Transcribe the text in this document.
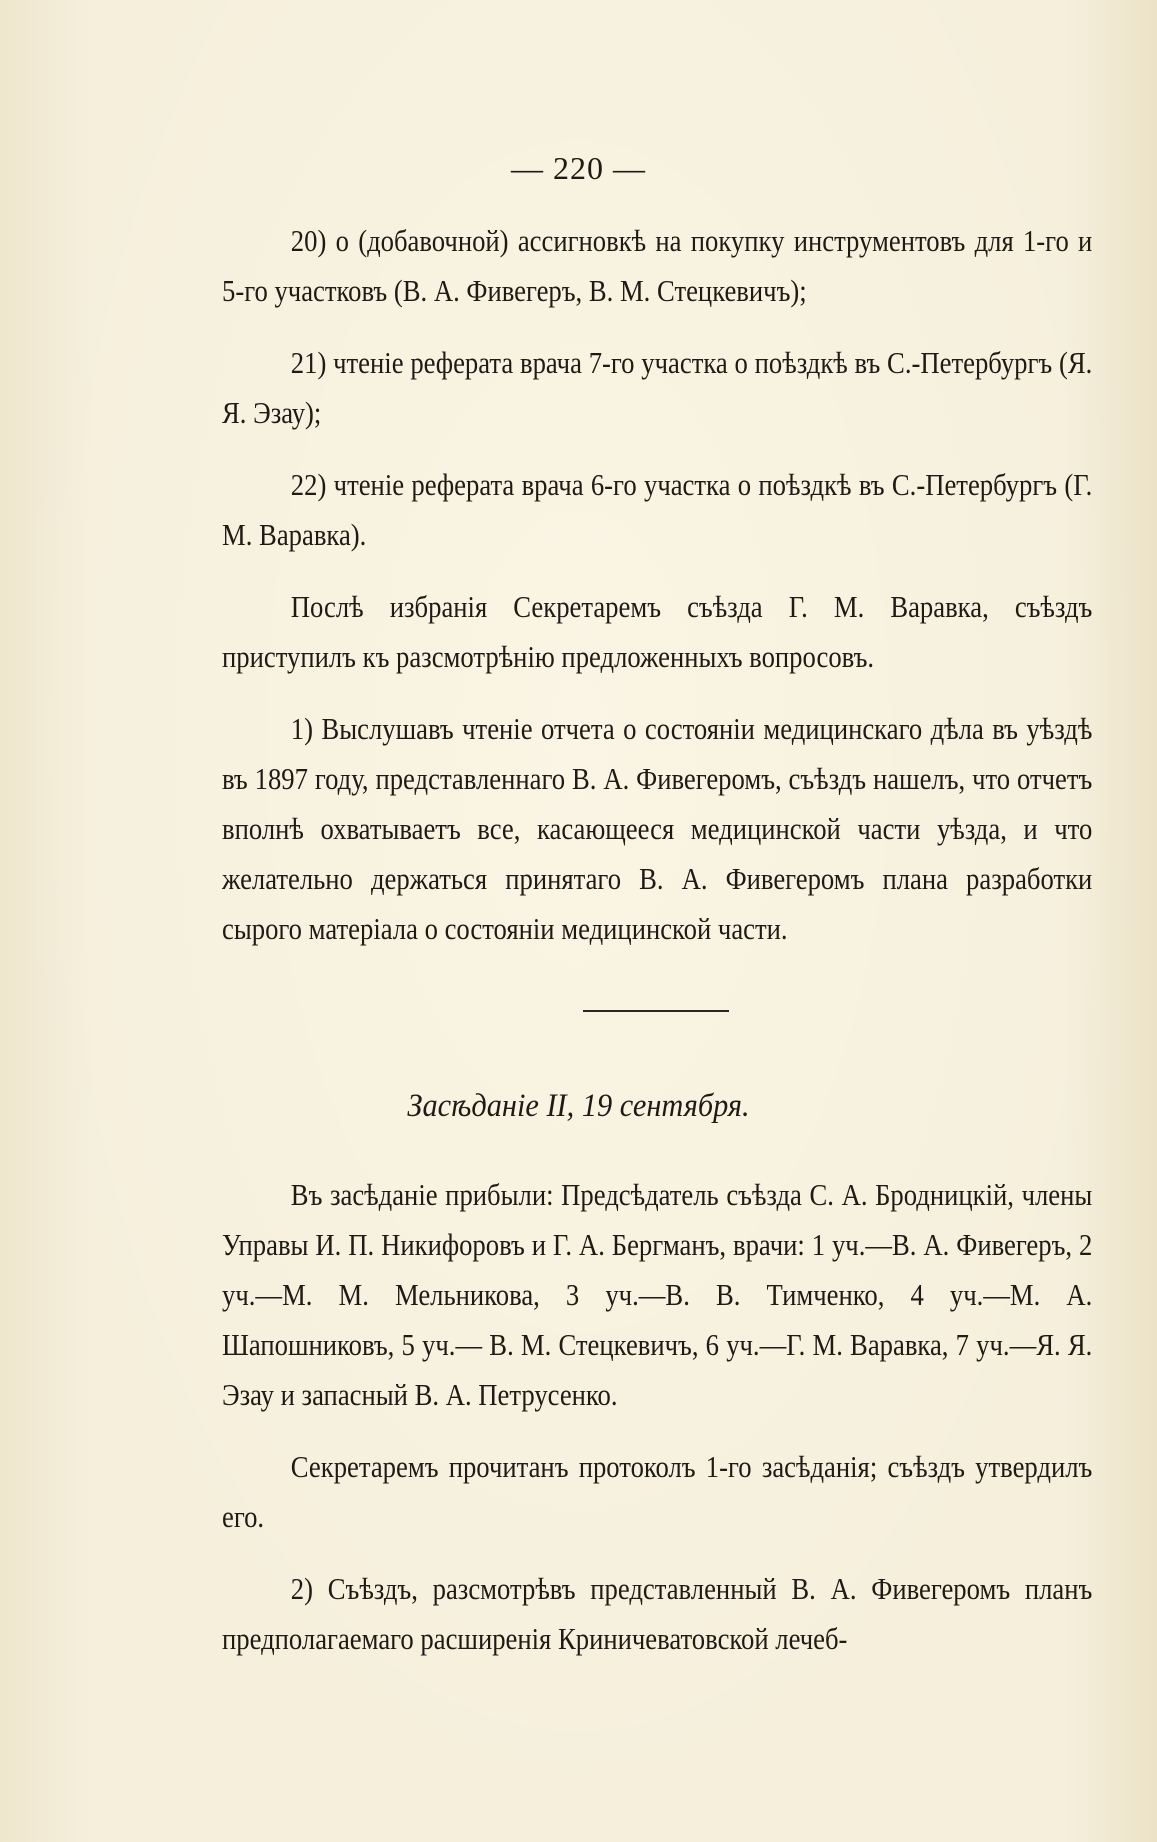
— 220 —

20) о (добавочной) ассигновкѣ на покупку инструментовъ для 1-го и 5-го участковъ (В. А. Фивегеръ, В. М. Стецкевичъ);

21) чтеніе реферата врача 7-го участка о поѣздкѣ въ С.-Петербургъ (Я. Я. Эзау);

22) чтеніе реферата врача 6-го участка о поѣздкѣ въ С.-Петербургъ (Г. М. Варавка).

Послѣ избранія Секретаремъ съѣзда Г. М. Варавка, съѣздъ приступилъ къ разсмотрѣнію предложенныхъ вопросовъ.

1) Выслушавъ чтеніе отчета о состояніи медицинскаго дѣла въ уѣздѣ въ 1897 году, представленнаго В. А. Фивегеромъ, съѣздъ нашелъ, что отчетъ вполнѣ охватываетъ все, касающееся медицинской части уѣзда, и что желательно держаться принятаго В. А. Фивегеромъ плана разработки сырого матеріала о состояніи медицинской части.

Засѣданіе II, 19 сентября.

Въ засѣданіе прибыли: Предсѣдатель съѣзда С. А. Бродницкій, члены Управы И. П. Никифоровъ и Г. А. Бергманъ, врачи: 1 уч.—В. А. Фивегеръ, 2 уч.—М. М. Мельникова, 3 уч.—В. В. Тимченко, 4 уч.—М. А. Шапошниковъ, 5 уч.— В. М. Стецкевичъ, 6 уч.—Г. М. Варавка, 7 уч.—Я. Я. Эзау и запасный В. А. Петрусенко.

Секретаремъ прочитанъ протоколъ 1-го засѣданія; съѣздъ утвердилъ его.

2) Съѣздъ, разсмотрѣвъ представленный В. А. Фивегеромъ планъ предполагаемаго расширенія Криничеватовской лечеб-
